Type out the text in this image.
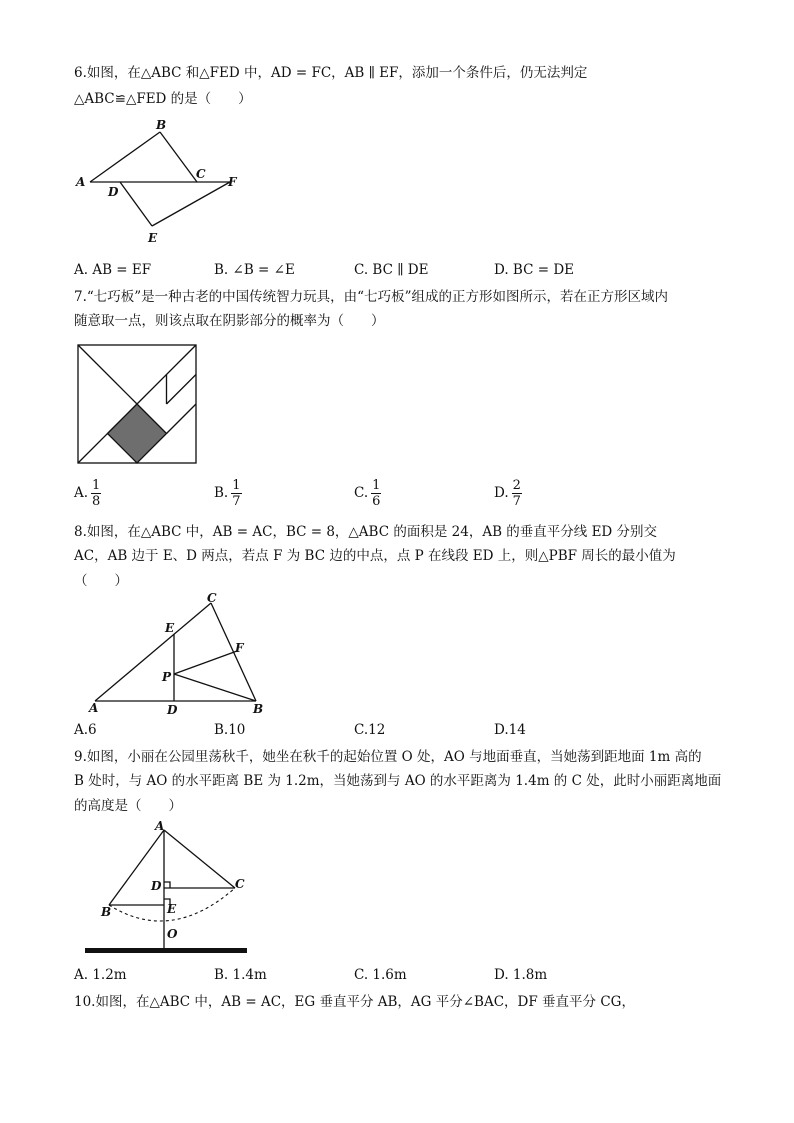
6.如图，在△ABC 和△FED 中，AD = FC，AB ∥ EF，添加一个条件后，仍无法判定
△ABC≌△FED 的是（　　）
A
B
C
D
E
F
A. AB = EF	B. ∠B = ∠E	C. BC ∥ DE	D. BC = DE
7.“七巧板”是一种古老的中国传统智力玩具，由“七巧板”组成的正方形如图所示，若在正方形区域内
随意取一点，则该点取在阴影部分的概率为（　　）
A. $\frac{1}{8}$	B. $\frac{1}{7}$	C. $\frac{1}{6}$	D. $\frac{2}{7}$
8.如图，在△ABC 中，AB = AC，BC = 8，△ABC 的面积是 24，AB 的垂直平分线 ED 分别交
AC，AB 边于 E、D 两点，若点 F 为 BC 边的中点，点 P 在线段 ED 上，则△PBF 周长的最小值为
（　　）
A	B
C
D
E
F
P
A.6	B.10	C.12	D.14
9.如图，小丽在公园里荡秋千，她坐在秋千的起始位置 O 处，AO 与地面垂直，当她荡到距地面 1m 高的
B 处时，与 AO 的水平距离 BE 为 1.2m，当她荡到与 AO 的水平距离为 1.4m 的 C 处，此时小丽距离地面
的高度是（　　）
A
B
C
D
E
O
A. 1.2m	B. 1.4m	C. 1.6m	D. 1.8m
10.如图，在△ABC 中，AB = AC，EG 垂直平分 AB，AG 平分∠BAC，DF 垂直平分 CG，
